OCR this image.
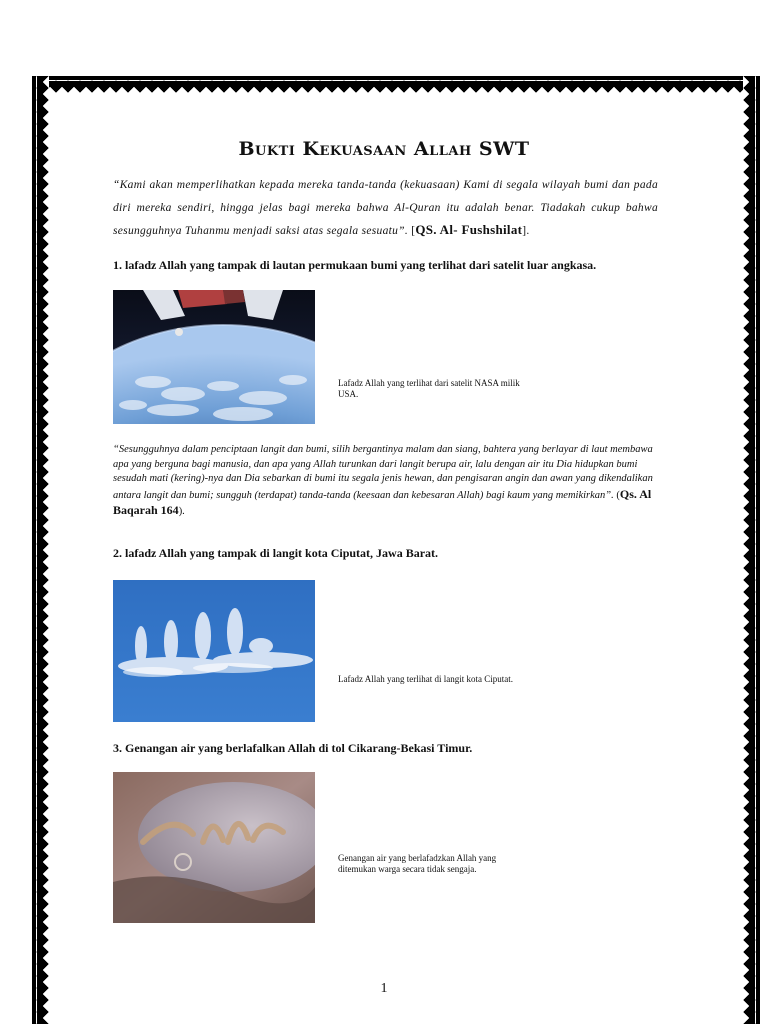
Bukti Kekuasaan Allah SWT
“Kami akan memperlihatkan kepada mereka tanda-tanda (kekuasaan) Kami di segala wilayah bumi dan pada diri mereka sendiri, hingga jelas bagi mereka bahwa Al-Quran itu adalah benar. Tiadakah cukup bahwa sesungguhnya Tuhanmu menjadi saksi atas segala sesuatu”. [QS. Al- Fushshilat].
1. lafadz Allah yang tampak di lautan permukaan bumi yang terlihat dari satelit luar angkasa.
Lafadz Allah yang terlihat dari satelit NASA milik USA.
“Sesungguhnya dalam penciptaan langit dan bumi, silih bergantinya malam dan siang, bahtera yang berlayar di laut membawa apa yang berguna bagi manusia, dan apa yang Allah turunkan dari langit berupa air, lalu dengan air itu Dia hidupkan bumi sesudah mati (kering)-nya dan Dia sebarkan di bumi itu segala jenis hewan, dan pengisaran angin dan awan yang dikendalikan antara langit dan bumi; sungguh (terdapat) tanda-tanda (keesaan dan kebesaran Allah) bagi kaum yang memikirkan”. (Qs. Al Baqarah 164).
2. lafadz Allah yang tampak di langit kota Ciputat, Jawa Barat.
Lafadz Allah yang terlihat di langit kota Ciputat.
3. Genangan air yang berlafalkan Allah di tol Cikarang-Bekasi Timur.
Genangan air yang berlafadzkan Allah yang ditemukan warga secara tidak sengaja.
1
